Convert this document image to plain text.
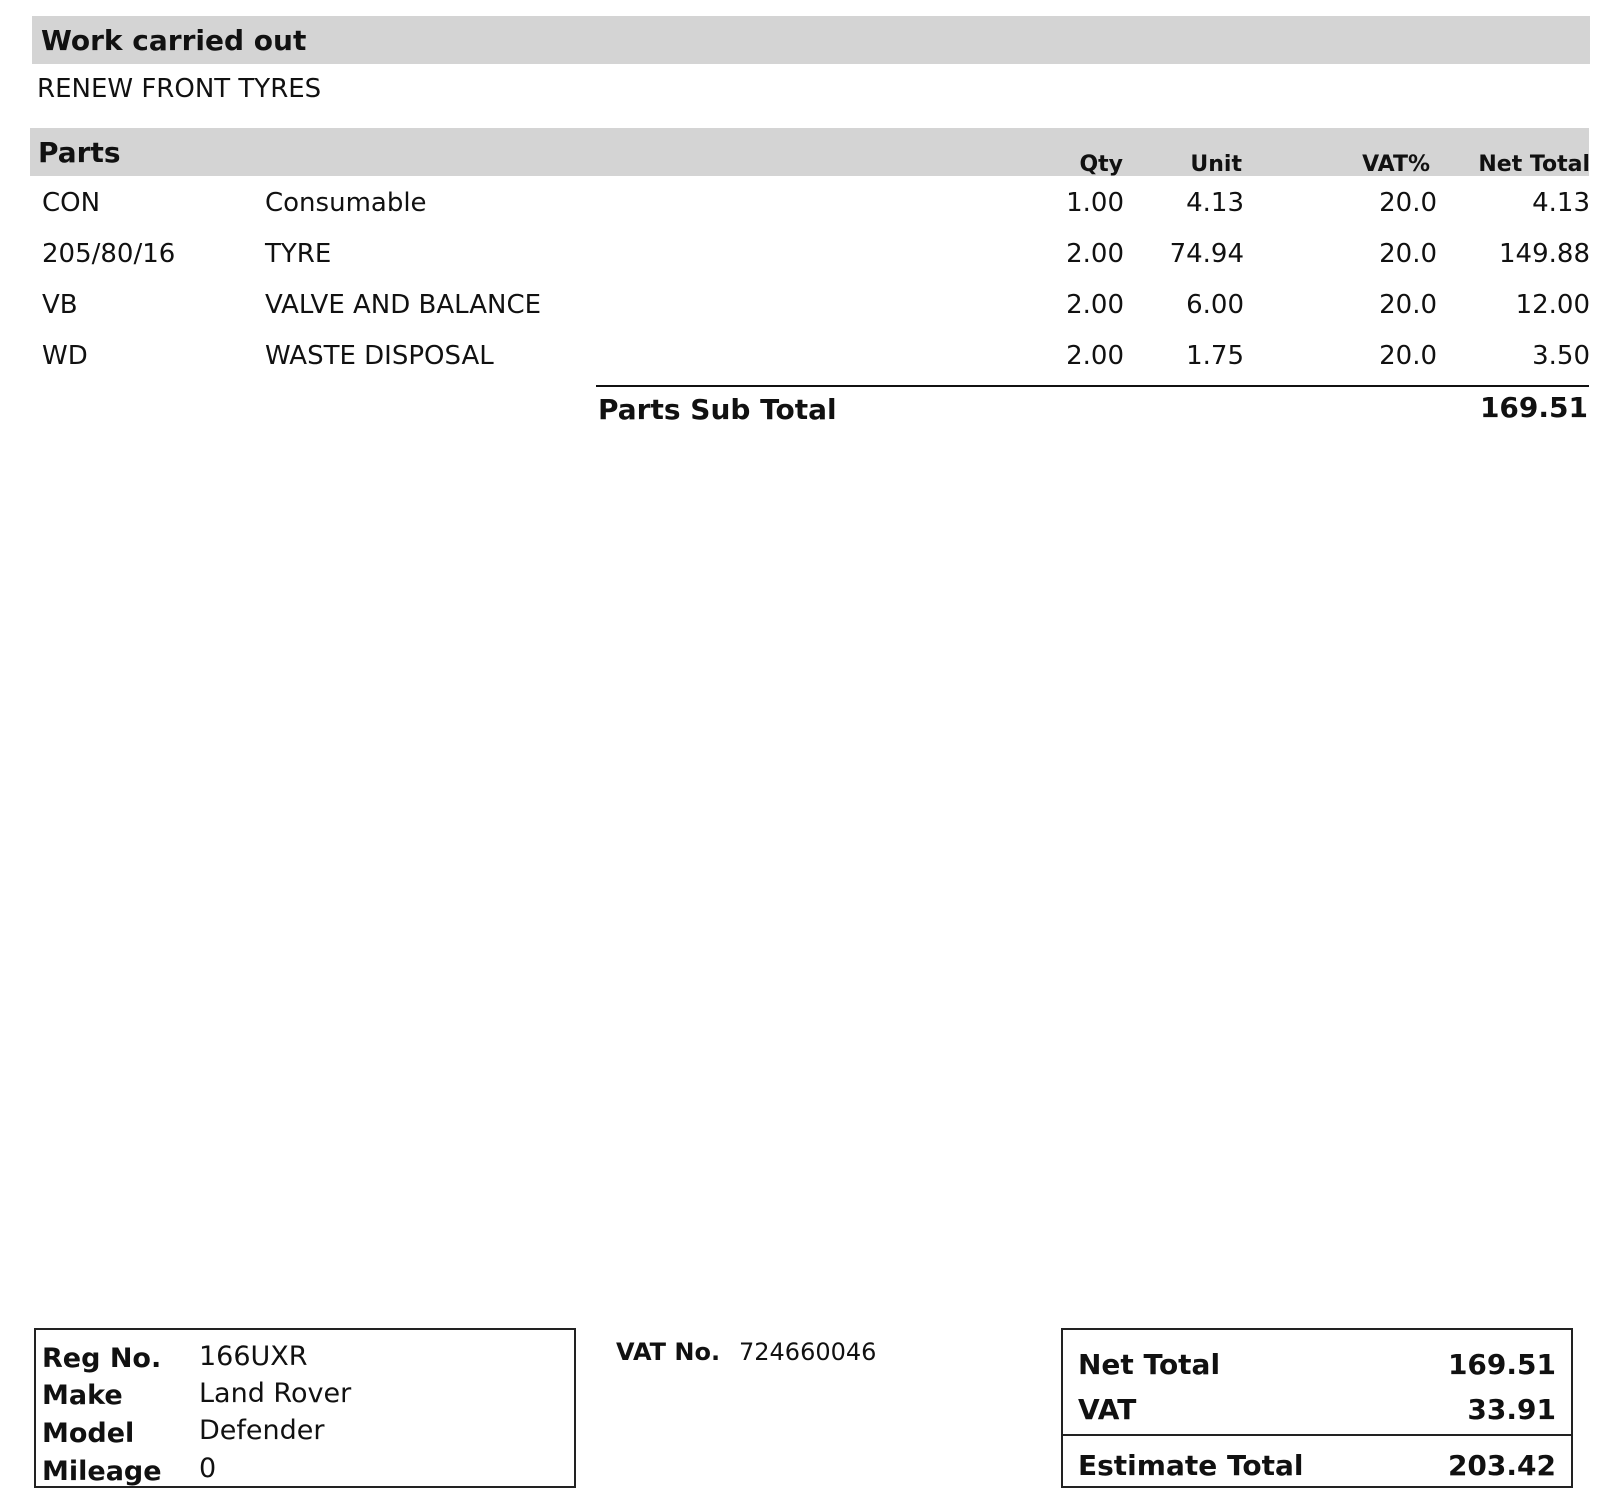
Work carried out
RENEW FRONT TYRES
Parts	Qty	Unit	VAT% Net Total
CON	Consumable	1.00 4.13	20.0	4.13
205/80/16	TYRE	2.00 74.94	20.0 149.88
VB	VALVE AND BALANCE	2.00 6.00	20.0	12.00
WD	WASTE DISPOSAL	2.00 1.75	20.0	3.50
Parts Sub Total	169.51
Reg No. 166UXR
Make	Land Rover
Model Defender
Mileage 0
VAT No. 724660046	Net Total	169.51
VAT	33.91
Estimate Total	203.42
